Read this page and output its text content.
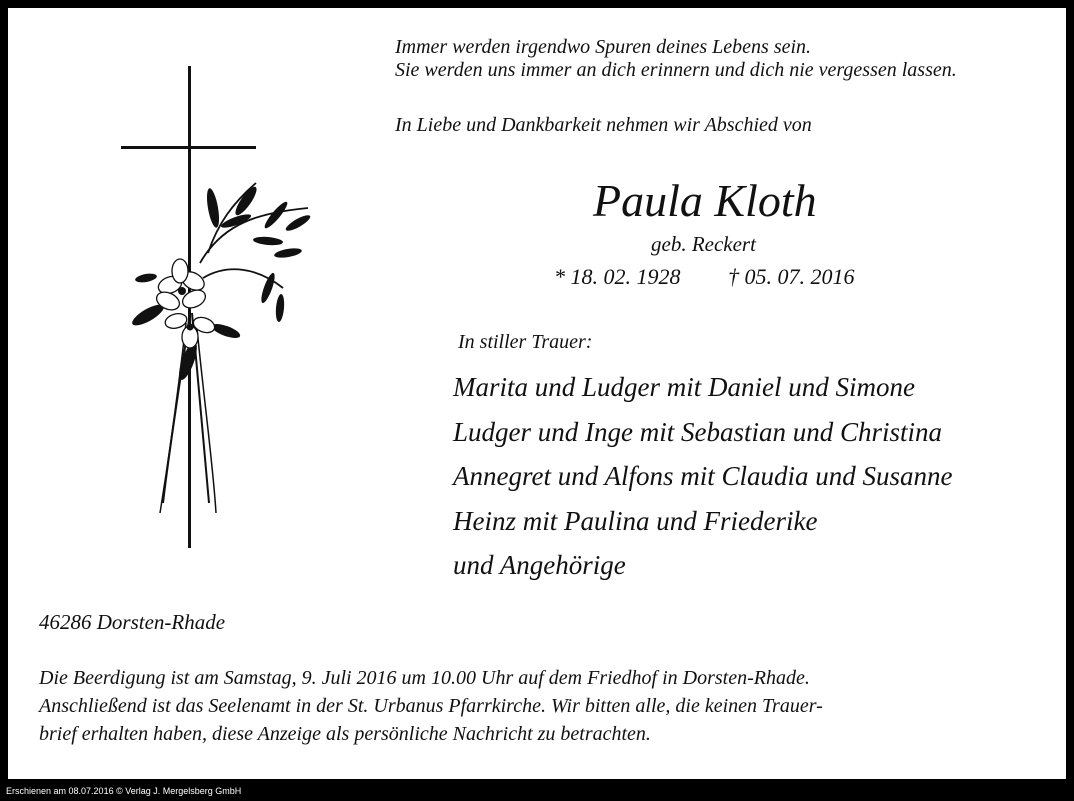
Immer werden irgendwo Spuren deines Lebens sein.
Sie werden uns immer an dich erinnern und dich nie vergessen lassen.
In Liebe und Dankbarkeit nehmen wir Abschied von
Paula Kloth
geb. Reckert
* 18. 02. 1928 † 05. 07. 2016
In stiller Trauer:
Marita und Ludger mit Daniel und Simone
Ludger und Inge mit Sebastian und Christina
Annegret und Alfons mit Claudia und Susanne
Heinz mit Paulina und Friederike
und Angehörige
46286 Dorsten-Rhade
Die Beerdigung ist am Samstag, 9. Juli 2016 um 10.00 Uhr auf dem Friedhof in Dorsten-Rhade.
Anschließend ist das Seelenamt in der St. Urbanus Pfarrkirche. Wir bitten alle, die keinen Trauer-
brief erhalten haben, diese Anzeige als persönliche Nachricht zu betrachten.
Erschienen am 08.07.2016 © Verlag J. Mergelsberg GmbH
